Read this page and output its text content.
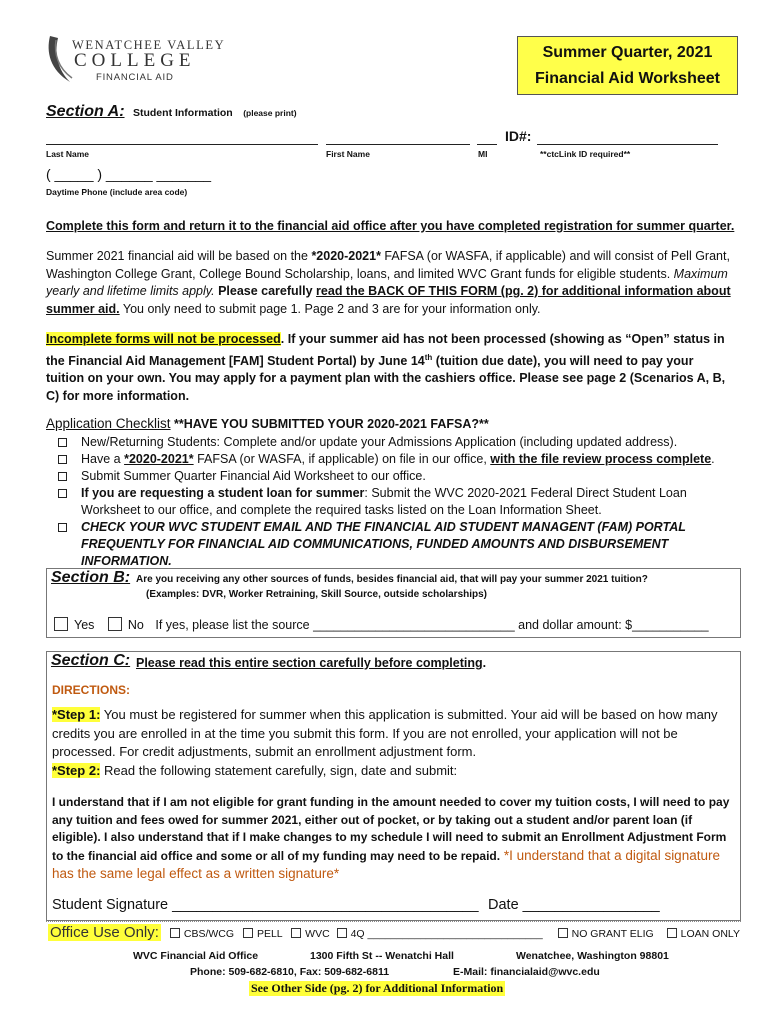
WENATCHEE VALLEY
COLLEGE
FINANCIAL AID
Summer Quarter, 2021
Financial Aid Worksheet
Section A: Student Information (please print)
ID#:
Last Name	First Name	MI	**ctcLink ID required**
( _____ ) ______ _______
Daytime Phone (include area code)
Complete this form and return it to the financial aid office after you have completed registration for summer quarter.
Summer 2021 financial aid will be based on the *2020-2021* FAFSA (or WASFA, if applicable) and will consist of Pell Grant, Washington College Grant, College Bound Scholarship, loans, and limited WVC Grant funds for eligible students. Maximum yearly and lifetime limits apply. Please carefully read the BACK OF THIS FORM (pg. 2) for additional information about summer aid. You only need to submit page 1. Page 2 and 3 are for your information only.
Incomplete forms will not be processed. If your summer aid has not been processed (showing as “Open” status in the Financial Aid Management [FAM] Student Portal) by June 14th (tuition due date), you will need to pay your tuition on your own. You may apply for a payment plan with the cashiers office. Please see page 2 (Scenarios A, B, C) for more information.
Application Checklist **HAVE YOU SUBMITTED YOUR 2020-2021 FAFSA?**
New/Returning Students: Complete and/or update your Admissions Application (including updated address).
Have a *2020-2021* FAFSA (or WASFA, if applicable) on file in our office, with the file review process complete.
Submit Summer Quarter Financial Aid Worksheet to our office.
If you are requesting a student loan for summer: Submit the WVC 2020-2021 Federal Direct Student Loan Worksheet to our office, and complete the required tasks listed on the Loan Information Sheet.
CHECK YOUR WVC STUDENT EMAIL AND THE FINANCIAL AID STUDENT MANAGENT (FAM) PORTAL FREQUENTLY FOR FINANCIAL AID COMMUNICATIONS, FUNDED AMOUNTS AND DISBURSEMENT INFORMATION.
Section B: Are you receiving any other sources of funds, besides financial aid, that will pay your summer 2021 tuition?
(Examples: DVR, Worker Retraining, Skill Source, outside scholarships)
Yes	No If yes, please list the source _____________________________ and dollar amount: $___________
Section C: Please read this entire section carefully before completing.
DIRECTIONS:
*Step 1: You must be registered for summer when this application is submitted. Your aid will be based on how many credits you are enrolled in at the time you submit this form. If you are not enrolled, your application will not be processed. For credit adjustments, submit an enrollment adjustment form.
*Step 2: Read the following statement carefully, sign, date and submit:
I understand that if I am not eligible for grant funding in the amount needed to cover my tuition costs, I will need to pay any tuition and fees owed for summer 2021, either out of pocket, or by taking out a student and/or parent loan (if eligible). I also understand that if I make changes to my schedule I will need to submit an Enrollment Adjustment Form to the financial aid office and some or all of my funding may need to be repaid. *I understand that a digital signature has the same legal effect as a written signature*
Student Signature ______________________________________ Date _________________
Office Use Only: CBS/WCG PELL WVC 4Q ______________________________	NO GRANT ELIG	LOAN ONLY
WVC Financial Aid Office	1300 Fifth St -- Wenatchi Hall	Wenatchee, Washington 98801
Phone: 509-682-6810, Fax: 509-682-6811	E-Mail: financialaid@wvc.edu
See Other Side (pg. 2) for Additional Information
